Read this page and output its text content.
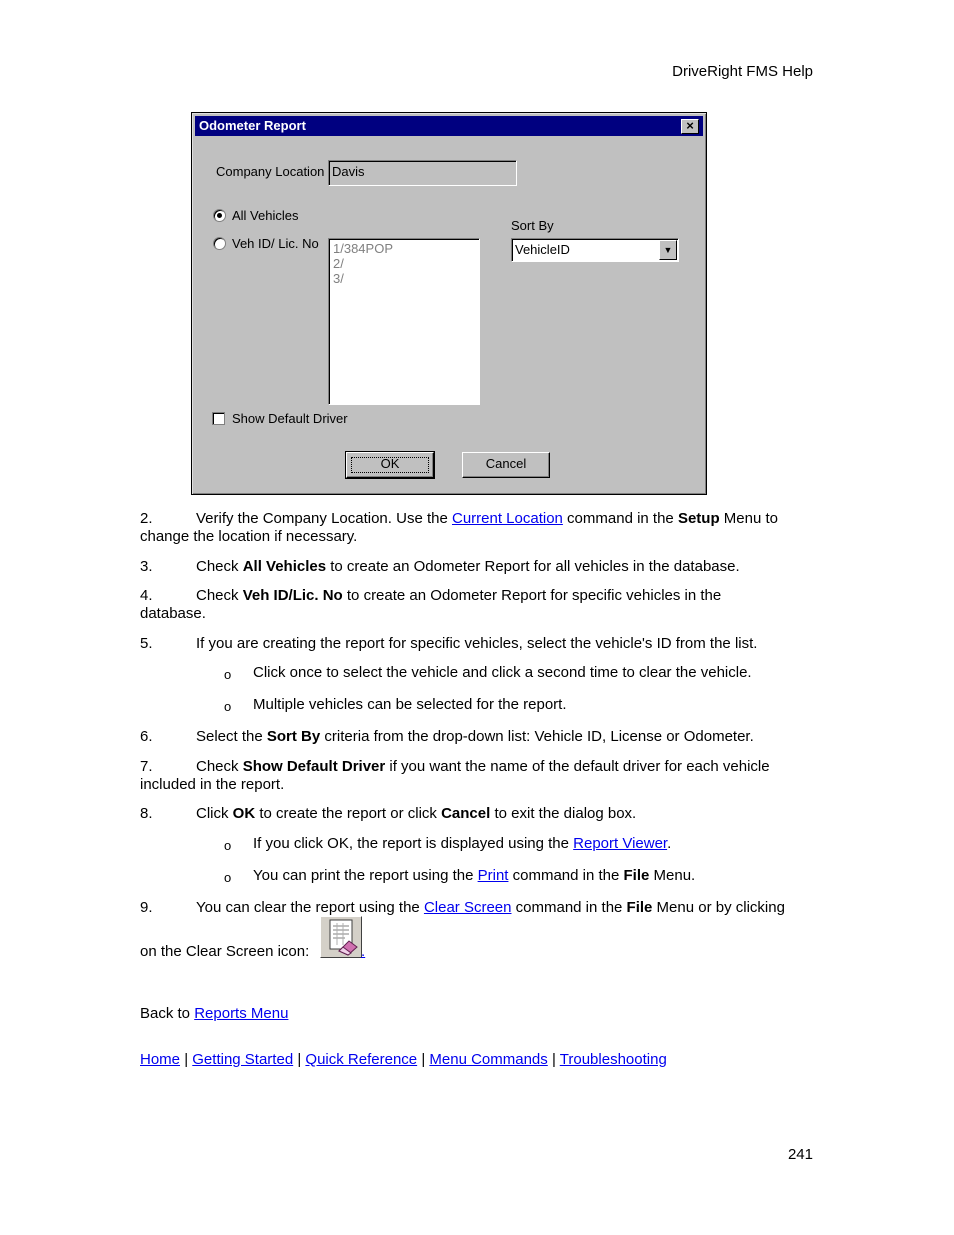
DriveRight FMS Help
Odometer Report	×
Company Location Davis
All Vehicles
Veh ID/ Lic. No 1/384POP
2/
3/
Sort By
VehicleID	▼
Show Default Driver
OK	Cancel
2.	Verify the Company Location. Use the Current Location command in the Setup Menu to
change the location if necessary.
3.	Check All Vehicles to create an Odometer Report for all vehicles in the database.
4.	Check Veh ID/Lic. No to create an Odometer Report for specific vehicles in the
database.
5.	If you are creating the report for specific vehicles, select the vehicle's ID from the list.
o Click once to select the vehicle and click a second time to clear the vehicle.
o Multiple vehicles can be selected for the report.
6.	Select the Sort By criteria from the drop-down list: Vehicle ID, License or Odometer.
7.	Check Show Default Driver if you want the name of the default driver for each vehicle
included in the report.
8.	Click OK to create the report or click Cancel to exit the dialog box.
o If you click OK, the report is displayed using the Report Viewer.
o You can print the report using the Print command in the File Menu.
9.	You can clear the report using the Clear Screen command in the File Menu or by clicking
on the Clear Screen icon:	.
Back to Reports Menu
Home | Getting Started | Quick Reference | Menu Commands | Troubleshooting
241
